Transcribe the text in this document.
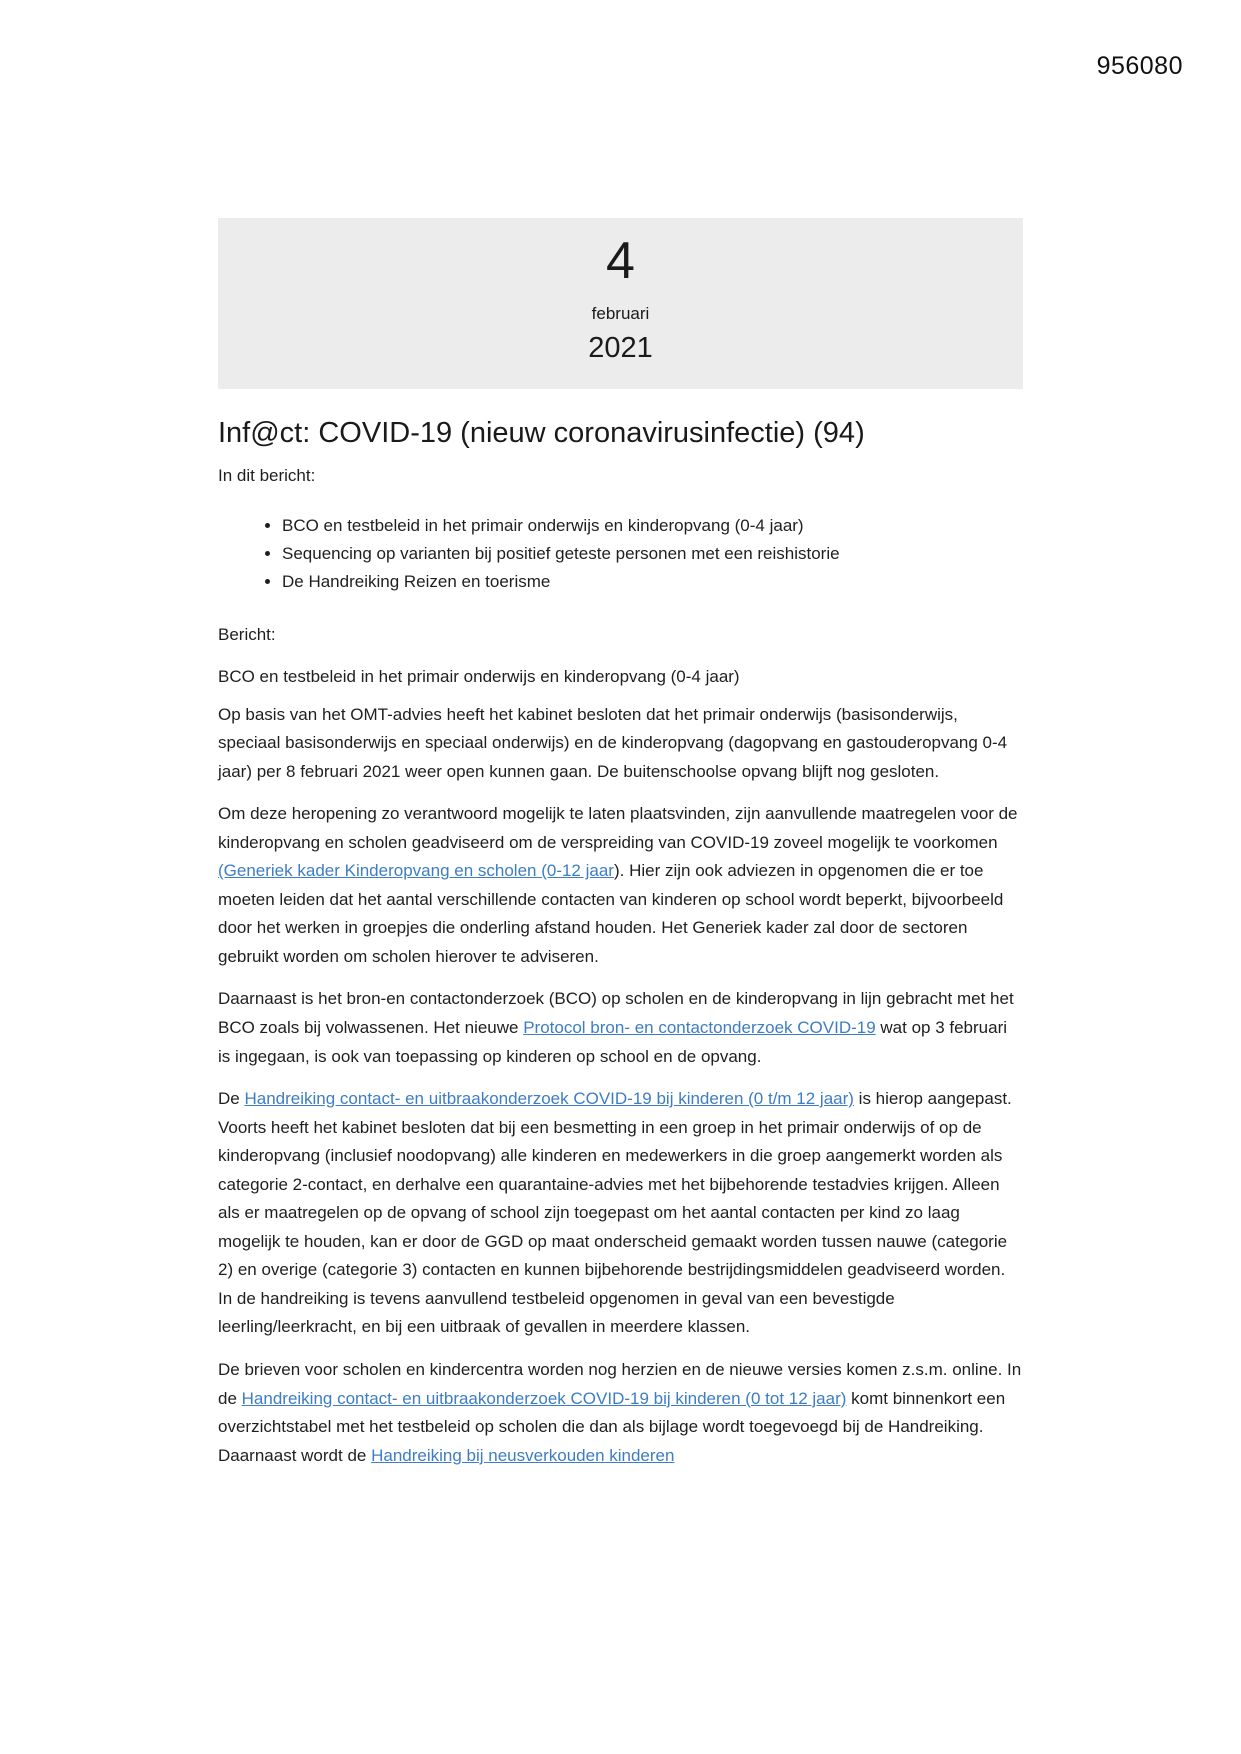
956080
4
februari
2021
Inf@ct: COVID-19 (nieuw coronavirusinfectie) (94)

In dit bericht:

• BCO en testbeleid in het primair onderwijs en kinderopvang (0-4 jaar)
• Sequencing op varianten bij positief geteste personen met een reishistorie
• De Handreiking Reizen en toerisme

Bericht:

BCO en testbeleid in het primair onderwijs en kinderopvang (0-4 jaar)

Op basis van het OMT-advies heeft het kabinet besloten dat het primair onderwijs (basisonderwijs, speciaal basisonderwijs en speciaal onderwijs) en de kinderopvang (dagopvang en gastouderopvang 0-4 jaar) per 8 februari 2021 weer open kunnen gaan. De buitenschoolse opvang blijft nog gesloten.

Om deze heropening zo verantwoord mogelijk te laten plaatsvinden, zijn aanvullende maatregelen voor de kinderopvang en scholen geadviseerd om de verspreiding van COVID-19 zoveel mogelijk te voorkomen (Generiek kader Kinderopvang en scholen (0-12 jaar). Hier zijn ook adviezen in opgenomen die er toe moeten leiden dat het aantal verschillende contacten van kinderen op school wordt beperkt, bijvoorbeeld door het werken in groepjes die onderling afstand houden. Het Generiek kader zal door de sectoren gebruikt worden om scholen hierover te adviseren.

Daarnaast is het bron-en contactonderzoek (BCO) op scholen en de kinderopvang in lijn gebracht met het BCO zoals bij volwassenen. Het nieuwe Protocol bron- en contactonderzoek COVID-19 wat op 3 februari is ingegaan, is ook van toepassing op kinderen op school en de opvang.

De Handreiking contact- en uitbraakonderzoek COVID-19 bij kinderen (0 t/m 12 jaar) is hierop aangepast. Voorts heeft het kabinet besloten dat bij een besmetting in een groep in het primair onderwijs of op de kinderopvang (inclusief noodopvang) alle kinderen en medewerkers in die groep aangemerkt worden als categorie 2-contact, en derhalve een quarantaine-advies met het bijbehorende testadvies krijgen. Alleen als er maatregelen op de opvang of school zijn toegepast om het aantal contacten per kind zo laag mogelijk te houden, kan er door de GGD op maat onderscheid gemaakt worden tussen nauwe (categorie 2) en overige (categorie 3) contacten en kunnen bijbehorende bestrijdingsmiddelen geadviseerd worden. In de handreiking is tevens aanvullend testbeleid opgenomen in geval van een bevestigde leerling/leerkracht, en bij een uitbraak of gevallen in meerdere klassen.

De brieven voor scholen en kindercentra worden nog herzien en de nieuwe versies komen z.s.m. online. In de Handreiking contact- en uitbraakonderzoek COVID-19 bij kinderen (0 tot 12 jaar) komt binnenkort een overzichtstabel met het testbeleid op scholen die dan als bijlage wordt toegevoegd bij de Handreiking. Daarnaast wordt de Handreiking bij neusverkouden kinderen
